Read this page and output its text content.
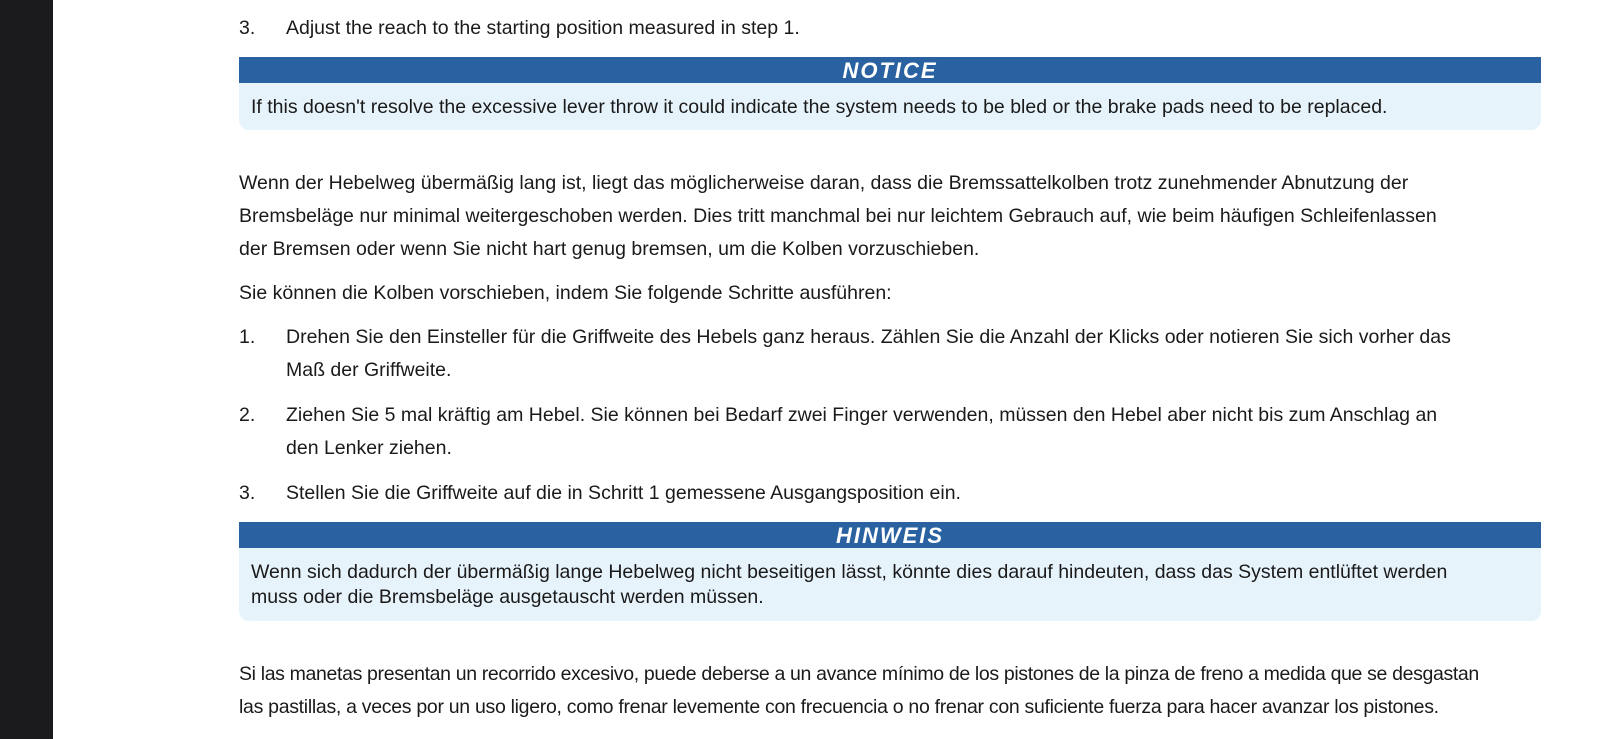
3. Adjust the reach to the starting position measured in step 1.
NOTICE
If this doesn't resolve the excessive lever throw it could indicate the system needs to be bled or the brake pads need to be replaced.
Wenn der Hebelweg übermäßig lang ist, liegt das möglicherweise daran, dass die Bremssattelkolben trotz zunehmender Abnutzung der
Bremsbeläge nur minimal weitergeschoben werden. Dies tritt manchmal bei nur leichtem Gebrauch auf, wie beim häufigen Schleifenlassen
der Bremsen oder wenn Sie nicht hart genug bremsen, um die Kolben vorzuschieben.
Sie können die Kolben vorschieben, indem Sie folgende Schritte ausführen:
1. Drehen Sie den Einsteller für die Griffweite des Hebels ganz heraus. Zählen Sie die Anzahl der Klicks oder notieren Sie sich vorher das
Maß der Griffweite.
2. Ziehen Sie 5 mal kräftig am Hebel. Sie können bei Bedarf zwei Finger verwenden, müssen den Hebel aber nicht bis zum Anschlag an
den Lenker ziehen.
3. Stellen Sie die Griffweite auf die in Schritt 1 gemessene Ausgangsposition ein.
HINWEIS
Wenn sich dadurch der übermäßig lange Hebelweg nicht beseitigen lässt, könnte dies darauf hindeuten, dass das System entlüftet werden
muss oder die Bremsbeläge ausgetauscht werden müssen.
Si las manetas presentan un recorrido excesivo, puede deberse a un avance mínimo de los pistones de la pinza de freno a medida que se desgastan
las pastillas, a veces por un uso ligero, como frenar levemente con frecuencia o no frenar con suficiente fuerza para hacer avanzar los pistones.
